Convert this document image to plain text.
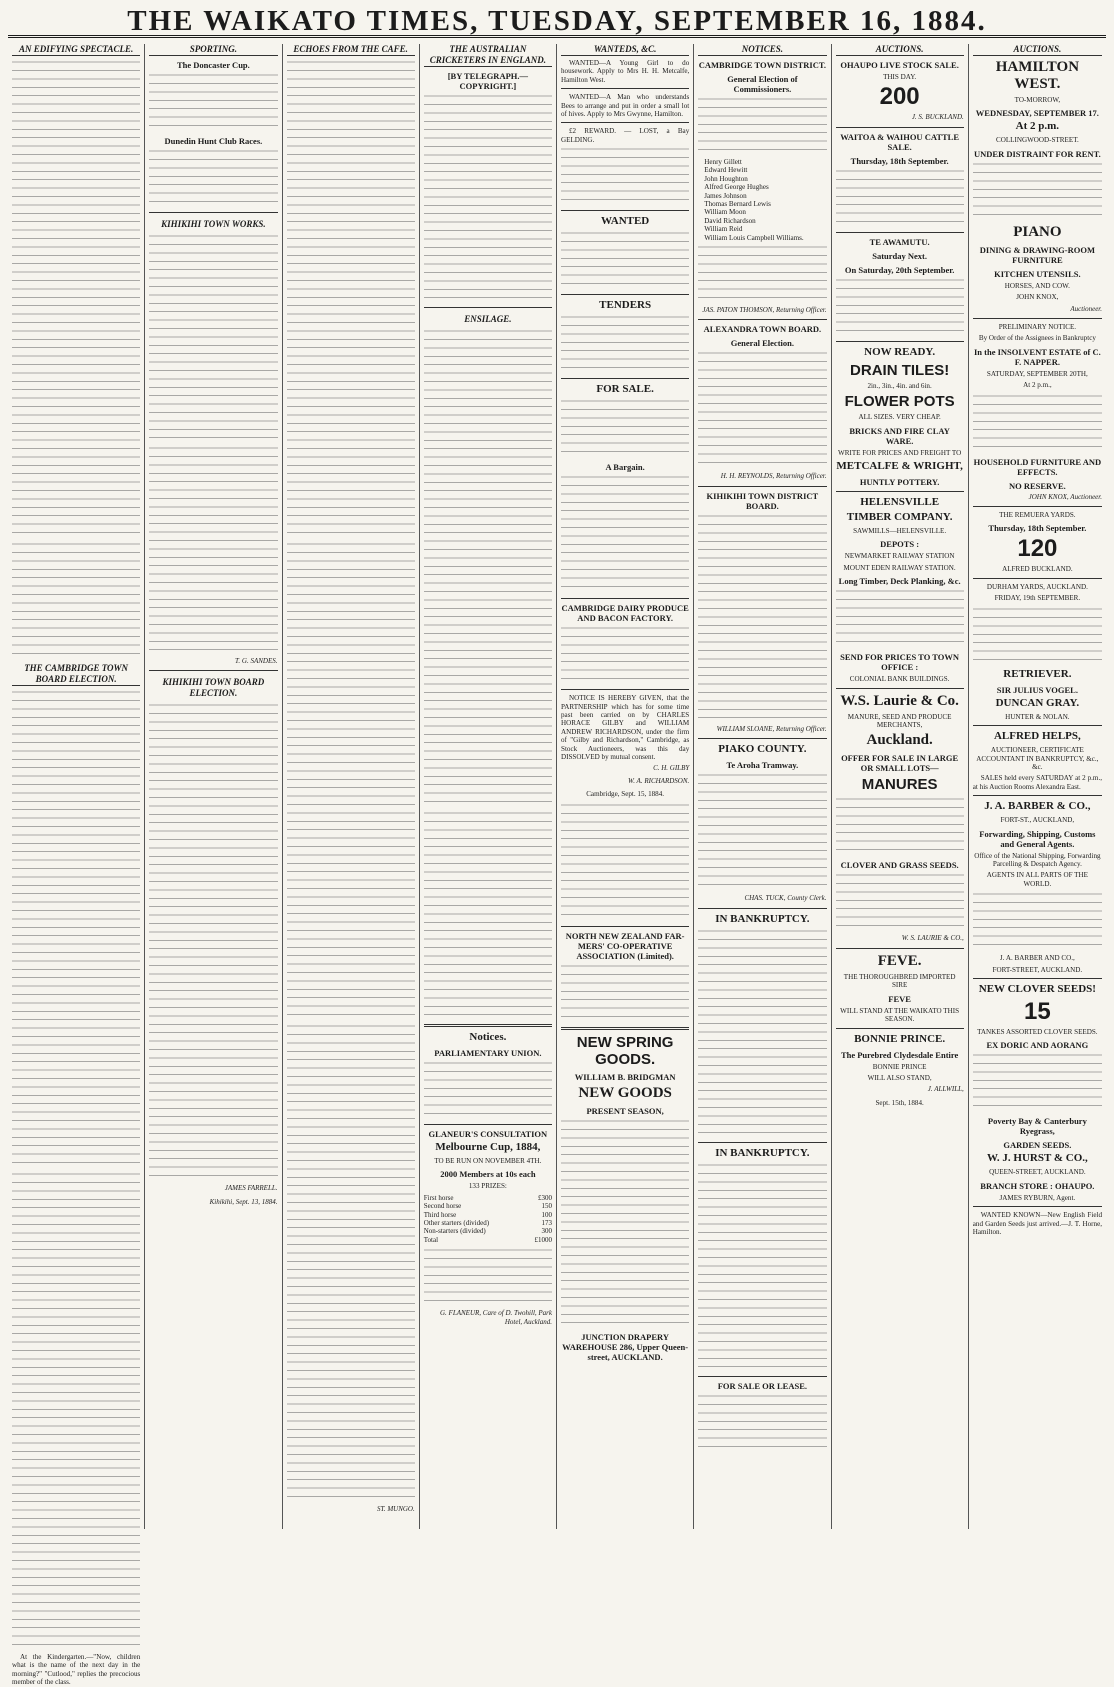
THE WAIKATO TIMES, TUESDAY, SEPTEMBER 16, 1884.
AN EDIFYING SPECTACLE.
THE CAMBRIDGE TOWN BOARD ELECTION.
At the Kindergarten.—"Now, children what is the name of the next day in the morning?" "Cutlood," replies the precocious member of the class.
SPORTING.
The Doncaster Cup.
Dunedin Hunt Club Races.
KIHIKIHI TOWN WORKS.
T. G. SANDES.
KIHIKIHI TOWN BOARD ELECTION.
JAMES FARRELL.
Kihikihi, Sept. 13, 1884.
ECHOES FROM THE CAFE.
ST. MUNGO.
THE AUSTRALIAN CRICKETERS IN ENGLAND.
[BY TELEGRAPH.—COPYRIGHT.]
ENSILAGE.
Notices.
PARLIAMENTARY UNION.
GLANEUR'S CONSULTATION
Melbourne Cup, 1884,
TO BE RUN ON NOVEMBER 4TH.
2000 Members at 10s each
133 PRIZES:
First horse	£300
Second horse	150
Third horse	100
Other starters (divided)	173
Non-starters (divided)	300
Total	£1000
G. FLANEUR, Care of D. Twohill, Park Hotel, Auckland.
WANTEDS, &C.
WANTED—A Young Girl to do housework. Apply to Mrs H. H. Metcalfe, Hamilton West.
WANTED—A Man who understands Bees to arrange and put in order a small lot of hives. Apply to Mrs Gwynne, Hamilton.
£2 REWARD. — LOST, a Bay GELDING.
WANTED
TENDERS
FOR SALE.
A Bargain.
CAMBRIDGE DAIRY PRODUCE AND BACON FACTORY.
NOTICE IS HEREBY GIVEN, that the PARTNERSHIP which has for some time past been carried on by CHARLES HORACE GILBY and WILLIAM ANDREW RICHARDSON, under the firm of "Gilby and Richardson," Cambridge, as Stock Auctioneers, was this day DISSOLVED by mutual consent.
C. H. GILBY
W. A. RICHARDSON.
Cambridge, Sept. 15, 1884.
NORTH NEW ZEALAND FAR-MERS' CO-OPERATIVE ASSOCIATION (Limited).
NEW SPRING GOODS.
WILLIAM B. BRIDGMAN
NEW GOODS
PRESENT SEASON,
JUNCTION DRAPERY WAREHOUSE 286, Upper Queen-street, AUCKLAND.
NOTICES.
CAMBRIDGE TOWN DISTRICT.
General Election of Commissioners.
Henry Gillett
Edward Hewitt
John Houghton
Alfred George Hughes
James Johnson
Thomas Bernard Lewis
William Moon
David Richardson
William Reid
William Louis Campbell Williams.
JAS. PATON THOMSON, Returning Officer.
ALEXANDRA TOWN BOARD.
General Election.
H. H. REYNOLDS, Returning Officer.
KIHIKIHI TOWN DISTRICT BOARD.
WILLIAM SLOANE, Returning Officer.
PIAKO COUNTY.
Te Aroha Tramway.
CHAS. TUCK, County Clerk.
IN BANKRUPTCY.
IN BANKRUPTCY.
FOR SALE OR LEASE.
AUCTIONS.
OHAUPO LIVE STOCK SALE.
THIS DAY.
200
J. S. BUCKLAND.
WAITOA & WAIHOU CATTLE SALE.
Thursday, 18th September.
TE AWAMUTU.
Saturday Next.
On Saturday, 20th September.
NOW READY.
DRAIN TILES!
2in., 3in., 4in. and 6in.
FLOWER POTS
ALL SIZES. VERY CHEAP.
BRICKS AND FIRE CLAY WARE.
WRITE FOR PRICES AND FREIGHT TO
METCALFE & WRIGHT,
HUNTLY POTTERY.
HELENSVILLE
TIMBER COMPANY.
SAWMILLS—HELENSVILLE.
DEPOTS :
NEWMARKET RAILWAY STATION
MOUNT EDEN RAILWAY STATION.
Long Timber, Deck Planking, &c.
SEND FOR PRICES TO TOWN OFFICE :
COLONIAL BANK BUILDINGS.
W.S. Laurie & Co.
MANURE, SEED AND PRODUCE MERCHANTS,
Auckland.
OFFER FOR SALE IN LARGE OR SMALL LOTS—
MANURES
CLOVER AND GRASS SEEDS.
W. S. LAURIE & CO.,
FEVE.
THE THOROUGHBRED IMPORTED SIRE
FEVE
WILL STAND AT THE WAIKATO THIS SEASON.
BONNIE PRINCE.
The Purebred Clydesdale Entire
BONNIE PRINCE
WILL ALSO STAND,
J. ALLWILL,
Sept. 15th, 1884.
AUCTIONS.
HAMILTON WEST.
TO-MORROW,
WEDNESDAY, SEPTEMBER 17.
At 2 p.m.
COLLINGWOOD-STREET.
UNDER DISTRAINT FOR RENT.
PIANO
DINING & DRAWING-ROOM FURNITURE
KITCHEN UTENSILS.
HORSES, AND COW.
JOHN KNOX,
Auctioneer.
PRELIMINARY NOTICE.
By Order of the Assignees in Bankruptcy
In the INSOLVENT ESTATE of C. F. NAPPER.
SATURDAY, SEPTEMBER 20TH,
At 2 p.m.,
HOUSEHOLD FURNITURE AND EFFECTS.
NO RESERVE.
JOHN KNOX, Auctioneer.
THE REMUERA YARDS.
Thursday, 18th September.
120
ALFRED BUCKLAND.
DURHAM YARDS, AUCKLAND.
FRIDAY, 19th SEPTEMBER.
RETRIEVER.
SIR JULIUS VOGEL.
DUNCAN GRAY.
HUNTER & NOLAN.
ALFRED HELPS,
AUCTIONEER, CERTIFICATE ACCOUNTANT IN BANKRUPTCY, &c., &c.
SALES held every SATURDAY at 2 p.m., at his Auction Rooms Alexandra East.
J. A. BARBER & CO.,
FORT-ST., AUCKLAND,
Forwarding, Shipping, Customs and General Agents.
Office of the National Shipping, Forwarding Parcelling & Despatch Agency.
AGENTS IN ALL PARTS OF THE WORLD.
J. A. BARBER AND CO.,
FORT-STREET, AUCKLAND.
NEW CLOVER SEEDS!
15
TANKES ASSORTED CLOVER SEEDS.
EX DORIC AND AORANG
Poverty Bay & Canterbury Ryegrass,
GARDEN SEEDS.
W. J. HURST & CO.,
QUEEN-STREET, AUCKLAND.
BRANCH STORE : OHAUPO.
JAMES RYBURN, Agent.
WANTED KNOWN—New English Field and Garden Seeds just arrived.—J. T. Horne, Hamilton.
